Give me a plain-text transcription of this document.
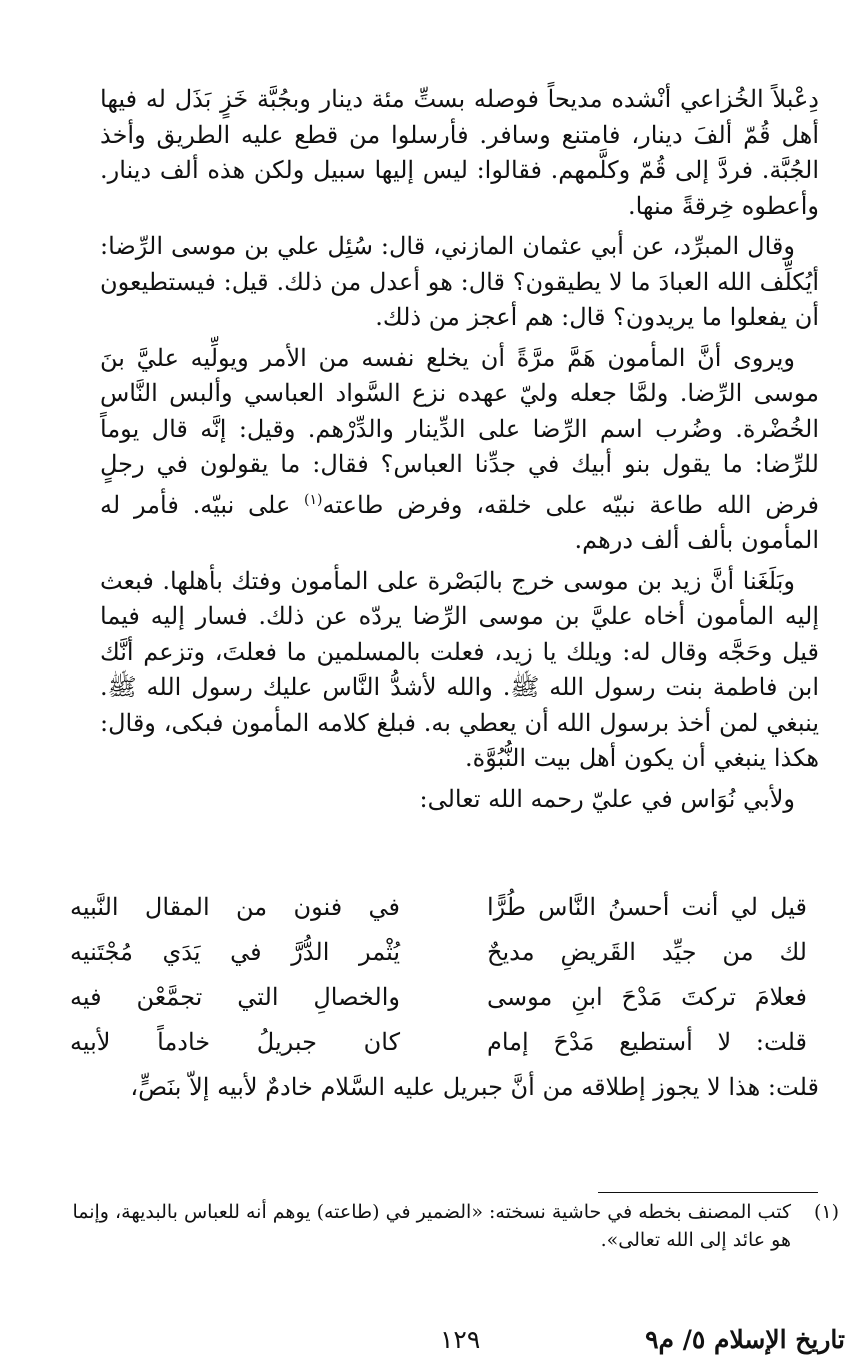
دِعْبلاً الخُزاعي أنْشده مديحاً فوصله بستِّ مئة دينار وبجُبَّة خَزٍ بَذَل له فيها أهل قُمّ ألفَ دينار، فامتنع وسافر. فأرسلوا من قطع عليه الطريق وأخذ الجُبَّة. فردَّ إلى قُمّ وكلَّمهم. فقالوا: ليس إليها سبيل ولكن هذه ألف دينار. وأعطوه خِرقةً منها.

وقال المبرِّد، عن أبي عثمان المازني، قال: سُئِل علي بن موسى الرِّضا: أيُكلِّف الله العبادَ ما لا يطيقون؟ قال: هو أعدل من ذلك. قيل: فيستطيعون أن يفعلوا ما يريدون؟ قال: هم أعجز من ذلك.

ويروى أنَّ المأمون هَمَّ مرَّةً أن يخلع نفسه من الأمر ويولِّيه عليَّ بنَ موسى الرِّضا. ولمَّا جعله وليّ عهده نزع السَّواد العباسي وألبس النَّاس الخُضْرة. وضُرب اسم الرِّضا على الدِّينار والدِّرْهم. وقيل: إنَّه قال يوماً للرِّضا: ما يقول بنو أبيك في جدِّنا العباس؟ فقال: ما يقولون في رجلٍ فرض الله طاعة نبيّه على خلقه، وفرض طاعته$^{(١)}$ على نبيّه. فأمر له المأمون بألف ألف درهم.

وبَلَغَنا أنَّ زيد بن موسى خرج بالبَصْرة على المأمون وفتك بأهلها. فبعث إليه المأمون أخاه عليَّ بن موسى الرِّضا يردّه عن ذلك. فسار إليه فيما قيل وحَجَّه وقال له: ويلك يا زيد، فعلت بالمسلمين ما فعلتَ، وتزعم أنَّك ابن فاطمة بنت رسول الله ﷺ. والله لأشدُّ النَّاس عليك رسول الله ﷺ. ينبغي لمن أخذ برسول الله أن يعطي به. فبلغ كلامه المأمون فبكى، وقال: هكذا ينبغي أن يكون أهل بيت النُّبُوَّة.

ولأبي نُوَاس في عليّ رحمه الله تعالى:

قيل لي أنت أحسنُ النَّاس طُرًّا
في فنون من المقال النَّبيه
لك من جيِّد القَريضِ مديحٌ
يُثْمر الدُّرَّ في يَدَي مُجْتَنيه
فعلامَ تركتَ مَدْحَ ابنِ موسى
والخصالِ التي تجمَّعْن فيه
قلت: لا أستطيع مَدْحَ إمام
كان جبريلُ خادماً لأبيه
قلت: هذا لا يجوز إطلاقه من أنَّ جبريل عليه السَّلام خادمٌ لأبيه إلاّ بنَصٍّ،
(١)
كتب المصنف بخطه في حاشية نسخته: «الضمير في (طاعته) يوهم أنه للعباس بالبديهة، وإنما هو عائد إلى الله تعالى».
تاريخ الإسلام ٥/ م٩
١٢٩
